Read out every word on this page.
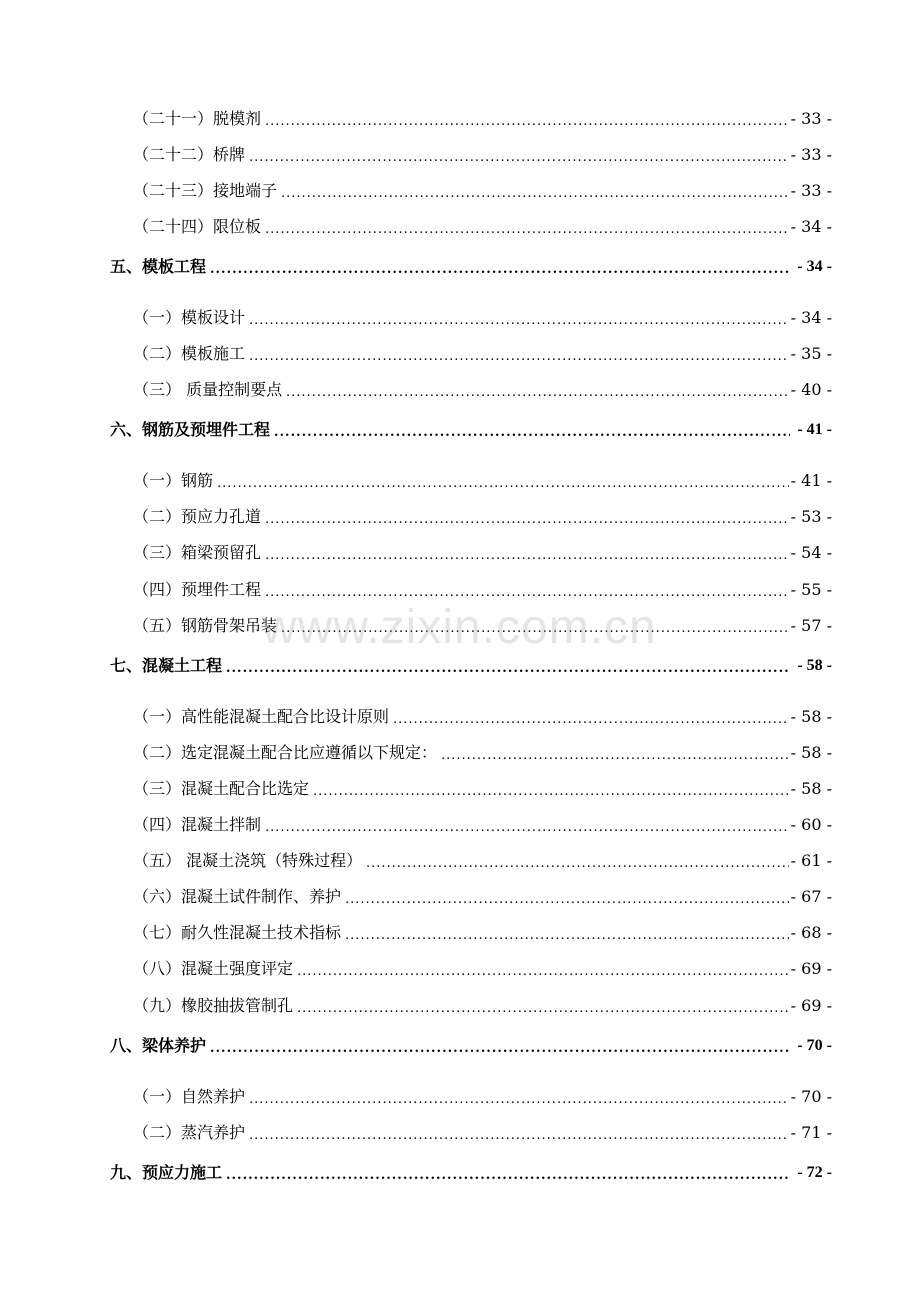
.....
（二十一）脱模剂	- 33 -
.....
（二十二）桥牌	- 33 -
.....
（二十三）接地端子	- 33 -
.....
（二十四）限位板	- 34 -
.....
五、模板工程	- 34 -
.....
（一）模板设计	- 34 -
.....
（二）模板施工	- 35 -
.....
（三） 质量控制要点	- 40 -
.....
六、钢筋及预埋件工程	- 41 -
.....
（一）钢筋	- 41 -
.....
（二）预应力孔道	- 53 -
.....
（三）箱梁预留孔	- 54 -
.....
（四）预埋件工程	- 55 -
.....
（五）钢筋骨架吊装	- 57 -
.....
七、混凝土工程	- 58 -
.....
（一）高性能混凝土配合比设计原则	- 58 -
.....
（二）选定混凝土配合比应遵循以下规定：	- 58 -
.....
（三）混凝土配合比选定	- 58 -
.....
（四）混凝土拌制	- 60 -
.....
（五） 混凝土浇筑（特殊过程）	- 61 -
.....
（六）混凝土试件制作、养护	- 67 -
.....
（七）耐久性混凝土技术指标	- 68 -
.....
（八）混凝土强度评定	- 69 -
.....
（九）橡胶抽拔管制孔	- 69 -
.....
八、梁体养护	- 70 -
.....
（一）自然养护	- 70 -
.....
（二）蒸汽养护	- 71 -
.....
九、预应力施工	- 72 -
www.zixin.com.cn
